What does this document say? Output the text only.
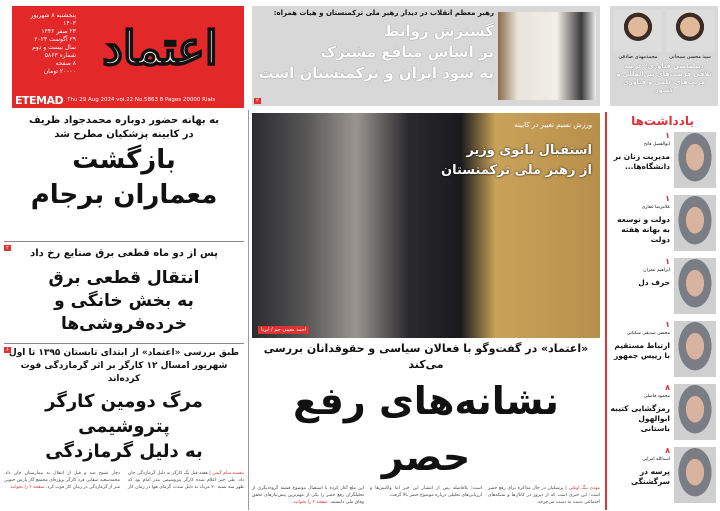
اعتماد
پنجشنبه ۸ شهریور ۱۴۰۳
۲۳ صفر ۱۴۴۶
۲۹ آگوست ۲۰۲۴
سال بیست و دوم
شماره ۵۸۶۳
۸ صفحه
۲۰۰۰۰ تومان
ETEMAD Thu 29 Aug 2024 vol.22 No.5863 8 Pages 20000 Rials
رهبر معظم انقلاب در دیدار رهبر ملی ترکمنستان و هیات همراه:
گسترش روابط
بر اساس منافع مشترک
به سود ایران و ترکمنستان است
۲
محمدمهدی صادقی	سید محسن سبحانی
دیپلماسی فناوری؛ عرصه تلاقی فرصت‌های بین‌المللی و مزیت‌های علمی و فناوری کشور
به بهانه حضور دوباره محمدجواد ظریف
در کابینه پزشکیان مطرح شد
بازگشت
معماران برجام
۲	پس از دو ماه قطعی برق صنایع رخ داد
انتقال قطعی برق
به بخش خانگی و خرده‌فروشی‌ها
۶ طبق بررسی «اعتماد» از ابتدای تابستان ۱۳۹۵ تا اول
شهریور امسال ۱۲ کارگر بر اثر گرمازدگی فوت کرده‌اند
مرگ دومین کارگر پتروشیمی
به دلیل گرمازدگی
بنفشه سام گیس | هفته قبل یک کارگر به دلیل گرمازدگی جان داد. طی خبر اعلام شده کارگر پتروشیمی بندر امام بود که ظهر سه شنبه ۲۰ مرداد به دلیل شدت گرمای هوا در زمان کار دچار تشنج شد و قبل از انتقال به بیمارستان جان داد. محمدسعید صفایی فرد کارگر پروژه‌ای مجتمع گاز پارس جنوبی سر از گرمازدگی در زمان کار فوت کرد. صفحه ۲ را بخوانید
ورزش نسیم تغییر در کابینه
استقبال بانوی وزیر
از رهبر ملی ترکمنستان
احمد معینی جم / ایرنا
«اعتماد» در گفت‌وگو با فعالان سیاسی و حقوقدانان بررسی می‌کند
نشانه‌های رفع حصر
مهدی بیگ اوغلی | پزشکیان در حال مذاکره برای رفع حصر است؛ این خبری است که از دیروز در کانال‌ها و شبکه‌های اجتماعی دست به دست می‌چرخد.
است؛ بلافاصله پس از انتشار این خبر اما واکنش‌ها و ارزیابی‌های تحلیلی درباره موضوع حصر بالا گرفت.
این ملع آغاز کرده با استقبال موضوع فشته گروه‌دیگری از تحلیلگران رفع حصر را یکی از مهم‌ترین پیش‌نیازهای تحقق وفاق ملی دانستند. صفحه ۳ را بخوانید
یادداشت‌ها
۱
ابوالفضل فاتح
مدیریت زنان بر دانشگاه‌ها...
۱
غلامرضا غفاری
دولت و توسعه به بهانه هفته دولت
۱
ابراهیم عمران
حرف دل
۱
محسن صدیقی شکنانی
ارتباط مستقیم با رییس جمهور
۸
محمود فاضلی
رمزگشایی کتیبه ابوالهول باستانی
۸
اسدالله امرایی
پرسه در سرگشتگی
